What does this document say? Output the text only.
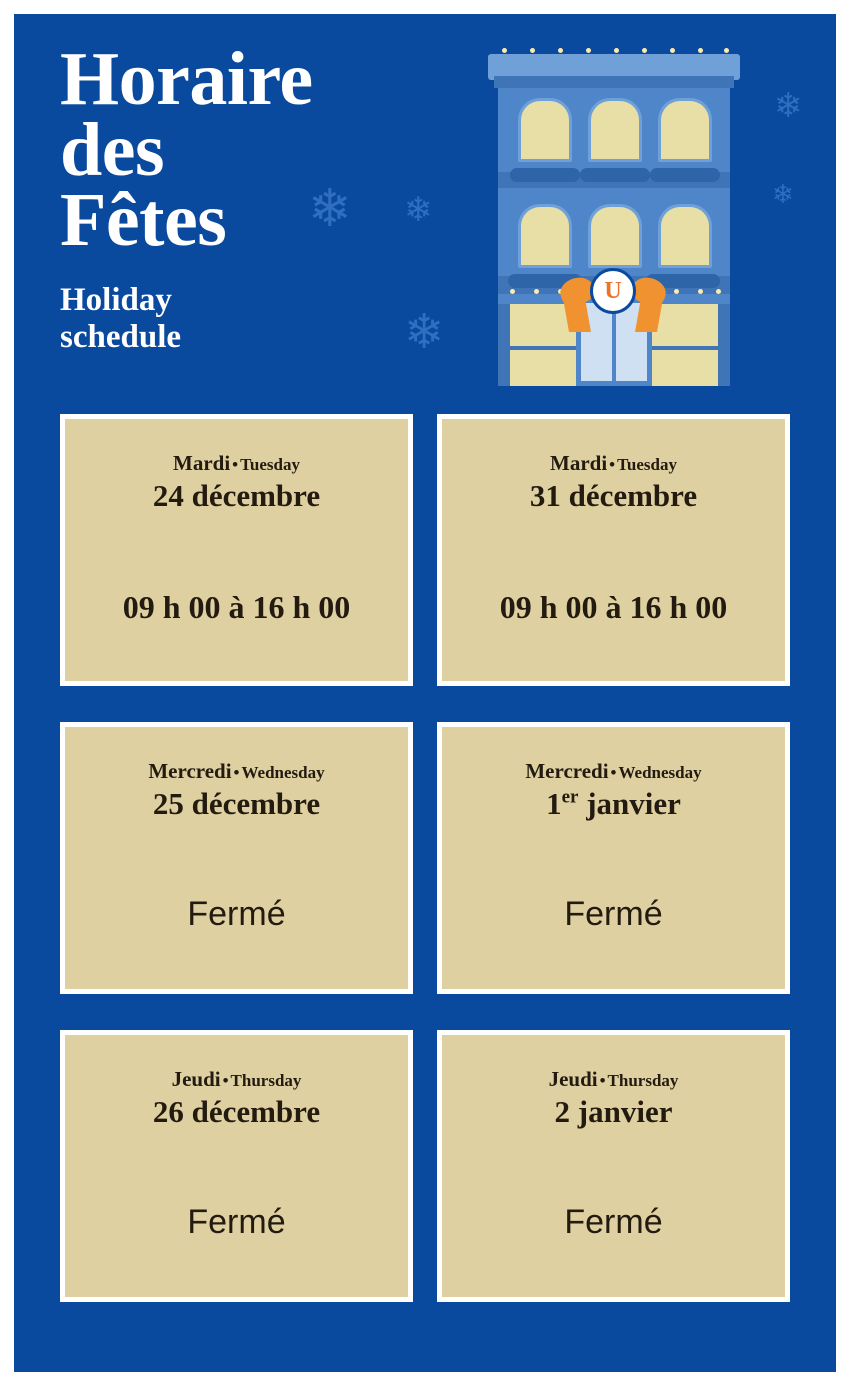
Horaire
des
Fêtes
Holiday
schedule
❄ ❄
❄
❄
❄
U
Mardi • Tuesday
24 décembre
09 h 00 à 16 h 00
Mardi • Tuesday
31 décembre
09 h 00 à 16 h 00
Mercredi • Wednesday
25 décembre
Fermé
Mercredi • Wednesday
1er janvier
Fermé
Jeudi • Thursday
26 décembre
Fermé
Jeudi • Thursday
2 janvier
Fermé
